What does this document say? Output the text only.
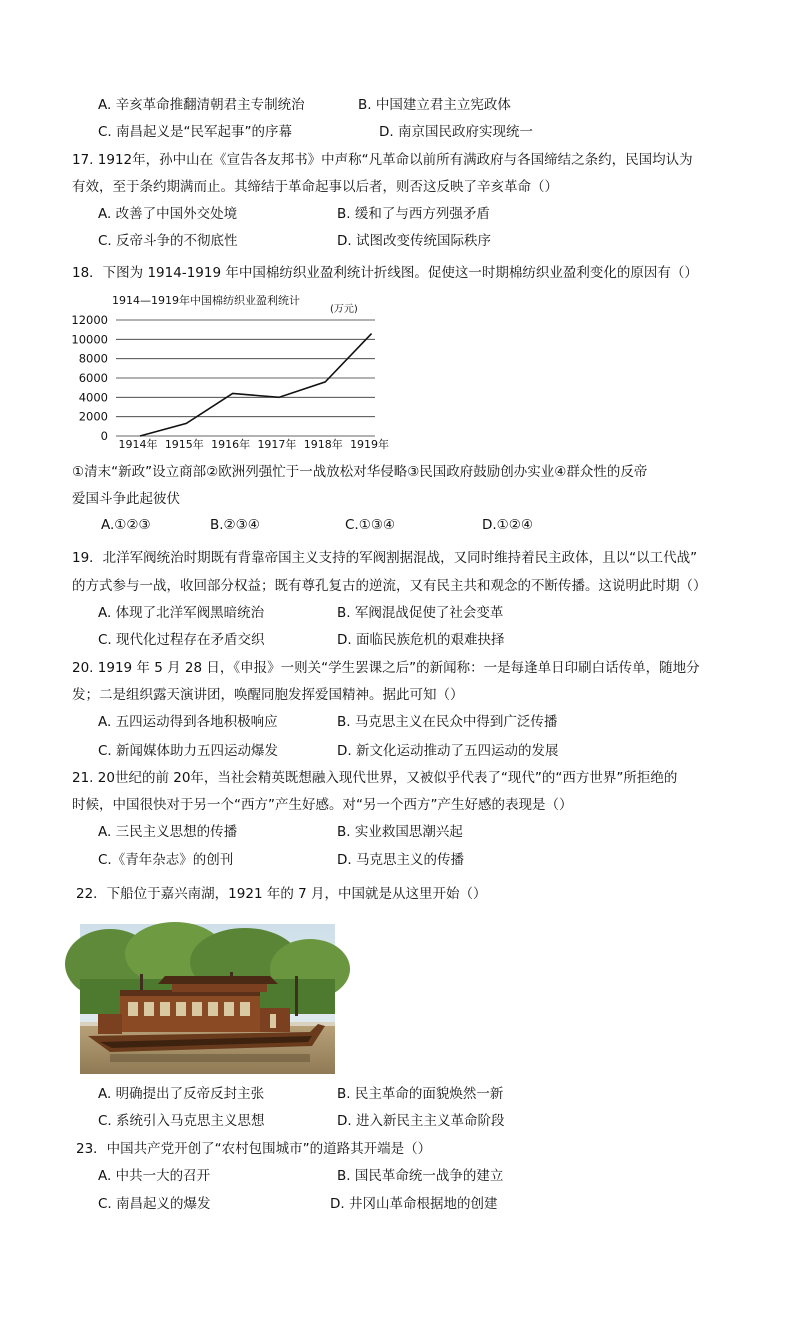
A. 辛亥革命推翻清朝君主专制统治	B. 中国建立君主立宪政体
C. 南昌起义是“民军起事”的序幕	D. 南京国民政府实现统一
17. 1912年，孙中山在《宣告各友邦书》中声称“凡革命以前所有满政府与各国缔结之条约，民国均认为
有效，至于条约期满而止。其缔结于革命起事以后者，则否这反映了辛亥革命（）
A. 改善了中国外交处境	B. 缓和了与西方列强矛盾
C. 反帝斗争的不彻底性	D. 试图改变传统国际秩序
18．下图为 1914-1919 年中国棉纺织业盈利统计折线图。促使这一时期棉纺织业盈利变化的原因有（）
0
2000
4000
6000
8000
10000
12000
1914年 1915年 1916年 1917年 1918年 1919年
1914—1919年中国棉纺织业盈利统计
(万元)
①清末“新政”设立商部②欧洲列强忙于一战放松对华侵略③民国政府鼓励创办实业④群众性的反帝
爱国斗争此起彼伏
A.①②③	B.②③④	C.①③④	D.①②④
19．北洋军阀统治时期既有背靠帝国主义支持的军阀割据混战，又同时维持着民主政体，且以“以工代战”
的方式参与一战，收回部分权益；既有尊孔复古的逆流，又有民主共和观念的不断传播。这说明此时期（）
A. 体现了北洋军阀黑暗统治	B. 军阀混战促使了社会变革
C. 现代化过程存在矛盾交织	D. 面临民族危机的艰难抉择
20. 1919 年 5 月 28 日，《申报》一则关“学生罢课之后”的新闻称：一是每逢单日印刷白话传单，随地分
发；二是组织露天演讲团，唤醒同胞发挥爱国精神。据此可知（）
A. 五四运动得到各地积极响应	B. 马克思主义在民众中得到广泛传播
C. 新闻媒体助力五四运动爆发	D. 新文化运动推动了五四运动的发展
21. 20世纪的前 20年，当社会精英既想融入现代世界，又被似乎代表了“现代”的“西方世界”所拒绝的
时候，中国很快对于另一个“西方”产生好感。对“另一个西方”产生好感的表现是（）
A. 三民主义思想的传播	B. 实业救国思潮兴起
C.《青年杂志》的创刊	D. 马克思主义的传播
22．下船位于嘉兴南湖，1921 年的 7 月，中国就是从这里开始（）
A. 明确提出了反帝反封主张	B. 民主革命的面貌焕然一新
C. 系统引入马克思主义思想	D. 进入新民主主义革命阶段
23．中国共产党开创了“农村包围城市”的道路其开端是（）
A. 中共一大的召开	B. 国民革命统一战争的建立
C. 南昌起义的爆发	D. 井冈山革命根据地的创建
